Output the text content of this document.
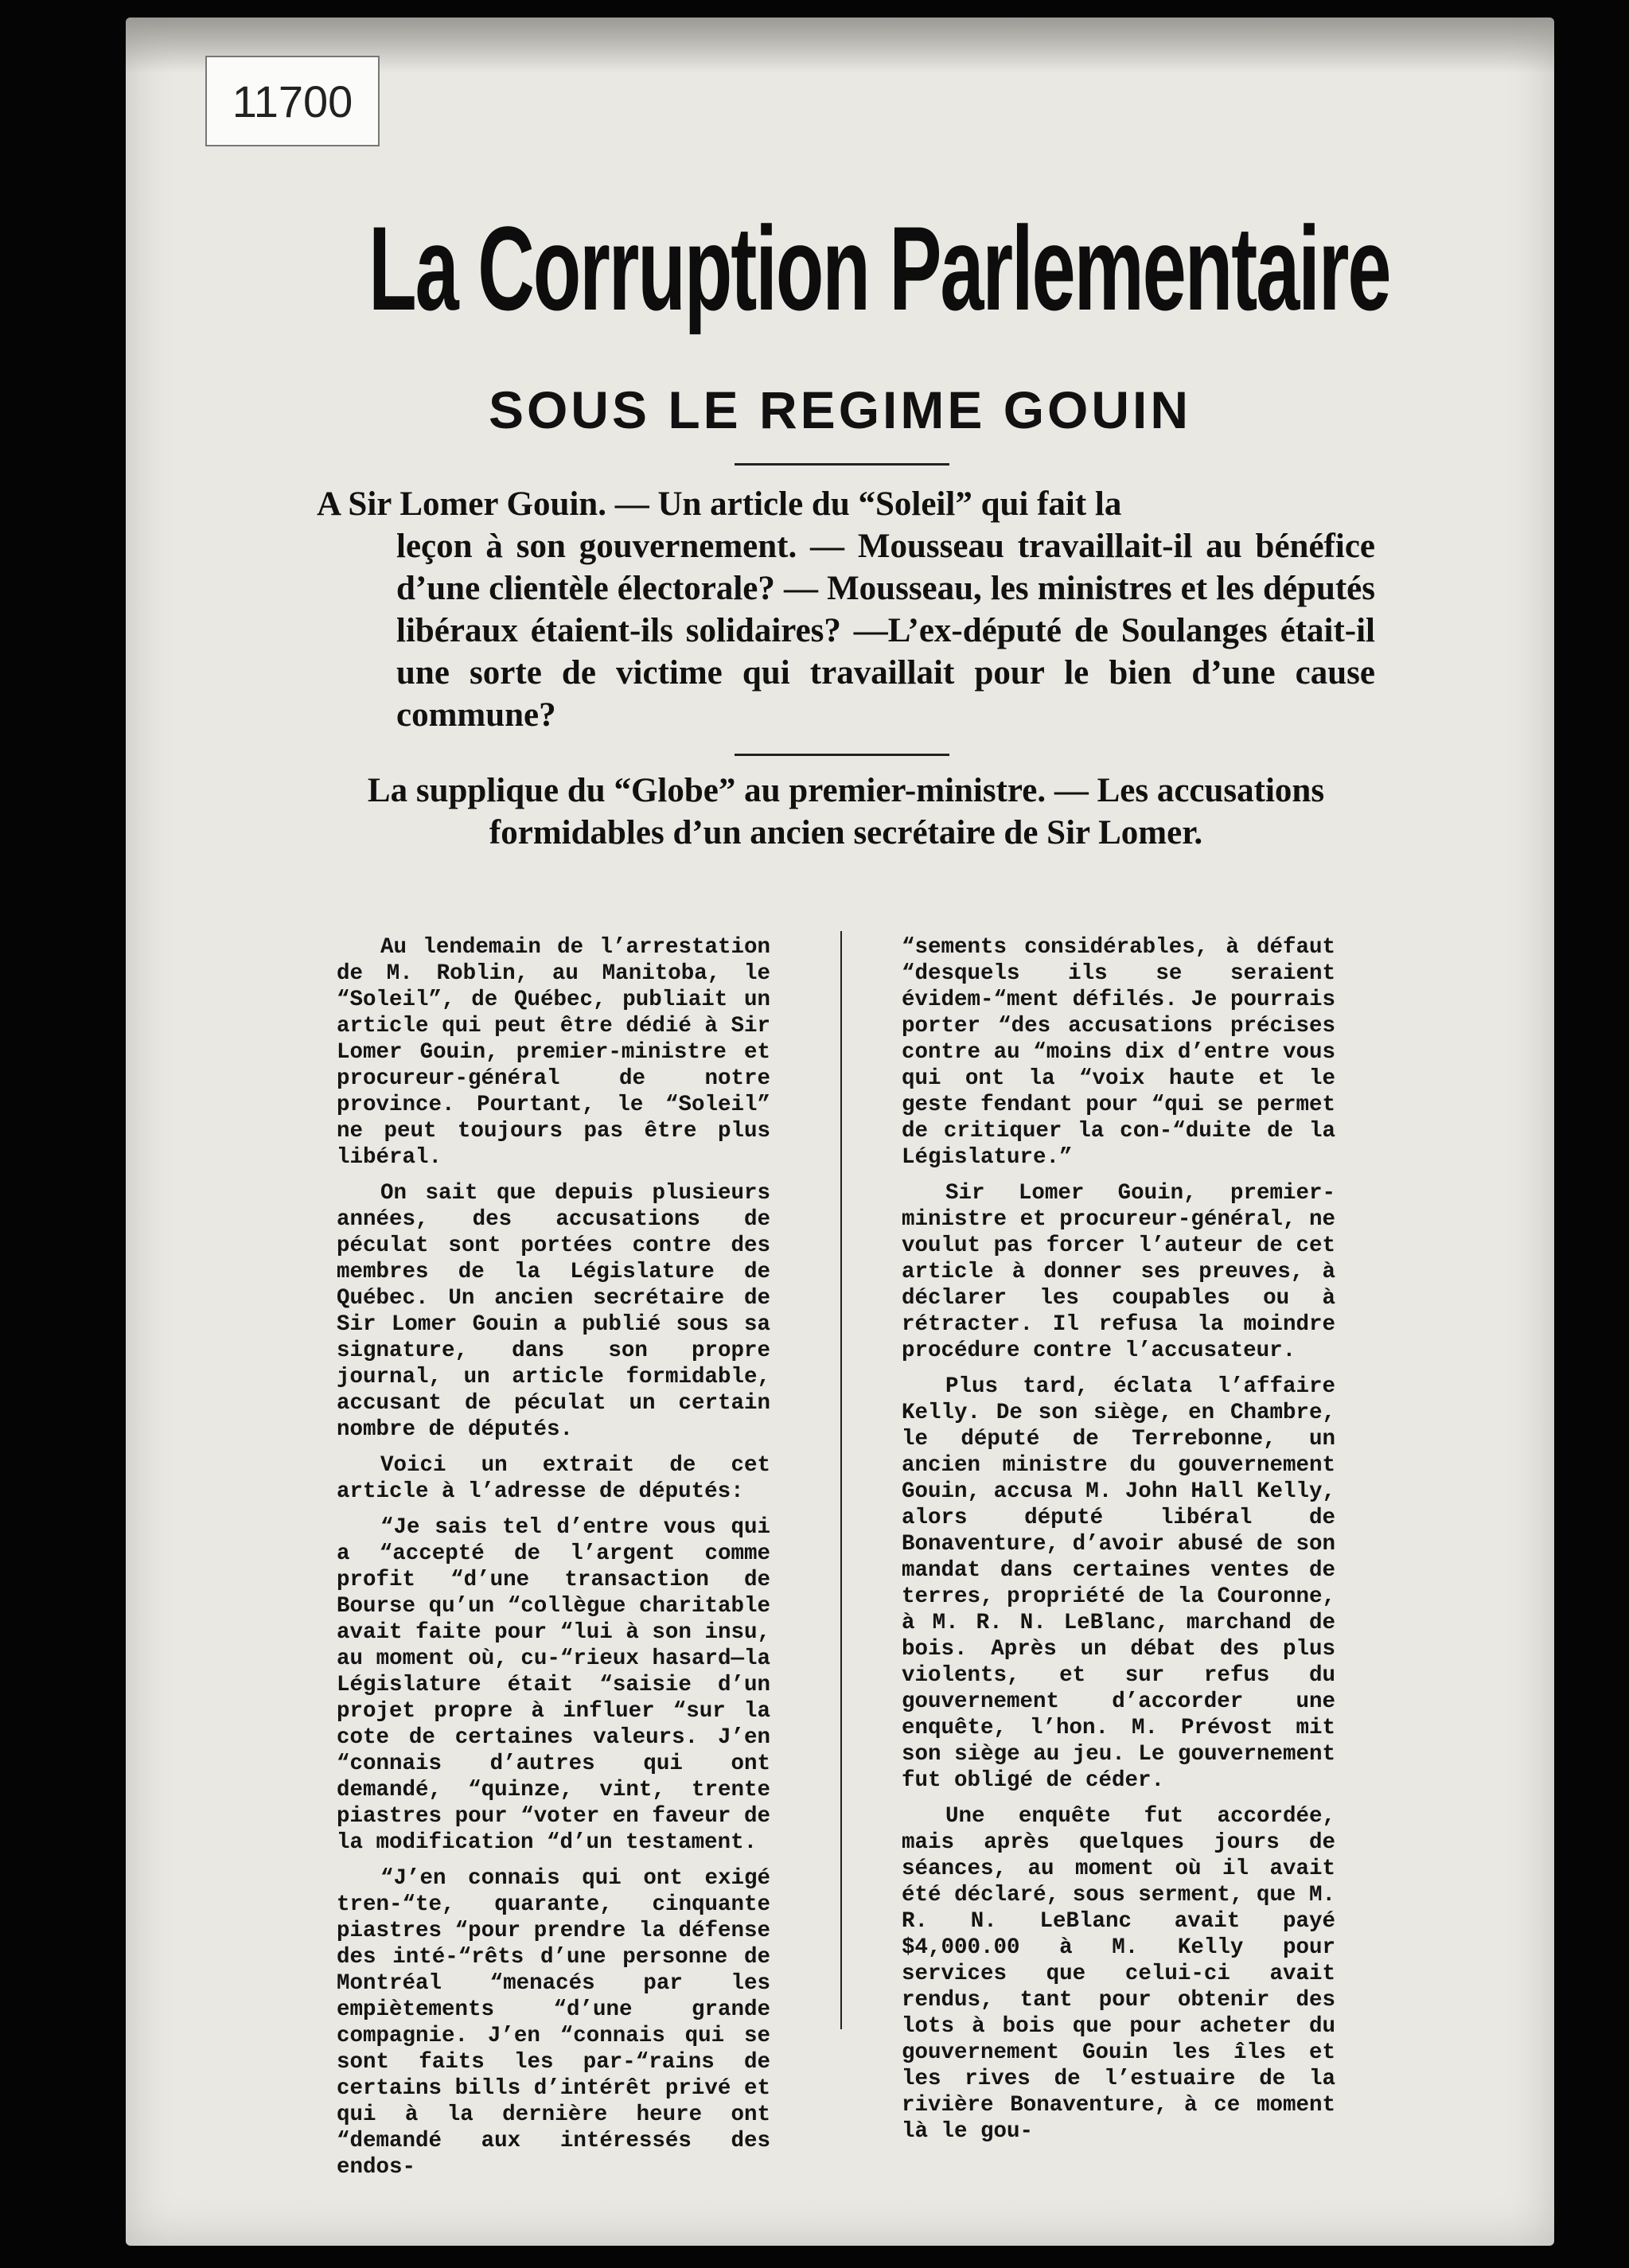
11700
La Corruption Parlementaire
SOUS LE REGIME GOUIN

A Sir Lomer Gouin. — Un article du “Soleil” qui fait la
leçon à son gouvernement. — Mousseau travaillait-il au bénéfice d’une clientèle électorale? — Mousseau, les ministres et les députés libéraux étaient-ils solidaires? —L’ex-député de Soulanges était-il une sorte de victime qui travaillait pour le bien d’une cause commune?

La supplique du “Globe” au premier-ministre. — Les accusations formidables d’un ancien secrétaire de Sir Lomer.

Au lendemain de l’arrestation de M. Roblin, au Manitoba, le “Soleil”, de Québec, publiait un article qui peut être dédié à Sir Lomer Gouin, premier-ministre et procureur-général de notre province. Pourtant, le “Soleil” ne peut toujours pas être plus libéral.

On sait que depuis plusieurs années, des accusations de péculat sont portées contre des membres de la Législature de Québec. Un ancien secrétaire de Sir Lomer Gouin a publié sous sa signature, dans son propre journal, un article formidable, accusant de péculat un certain nombre de députés.

Voici un extrait de cet article à l’adresse de députés:

“Je sais tel d’entre vous qui a “accepté de l’argent comme profit “d’une transaction de Bourse qu’un “collègue charitable avait faite pour “lui à son insu, au moment où, cu-“rieux hasard—la Législature était “saisie d’un projet propre à influer “sur la cote de certaines valeurs. J’en “connais d’autres qui ont demandé, “quinze, vint, trente piastres pour “voter en faveur de la modification “d’un testament.

“J’en connais qui ont exigé tren-“te, quarante, cinquante piastres “pour prendre la défense des inté-“rêts d’une personne de Montréal “menacés par les empiètements “d’une grande compagnie. J’en “connais qui se sont faits les par-“rains de certains bills d’intérêt privé et qui à la dernière heure ont “demandé aux intéressés des endos-

“sements considérables, à défaut “desquels ils se seraient évidem-“ment défilés. Je pourrais porter “des accusations précises contre au “moins dix d’entre vous qui ont la “voix haute et le geste fendant pour “qui se permet de critiquer la con-“duite de la Législature.”

Sir Lomer Gouin, premier-ministre et procureur-général, ne voulut pas forcer l’auteur de cet article à donner ses preuves, à déclarer les coupables ou à rétracter. Il refusa la moindre procédure contre l’accusateur.

Plus tard, éclata l’affaire Kelly. De son siège, en Chambre, le député de Terrebonne, un ancien ministre du gouvernement Gouin, accusa M. John Hall Kelly, alors député libéral de Bonaventure, d’avoir abusé de son mandat dans certaines ventes de terres, propriété de la Couronne, à M. R. N. LeBlanc, marchand de bois. Après un débat des plus violents, et sur refus du gouvernement d’accorder une enquête, l’hon. M. Prévost mit son siège au jeu. Le gouvernement fut obligé de céder.

Une enquête fut accordée, mais après quelques jours de séances, au moment où il avait été déclaré, sous serment, que M. R. N. LeBlanc avait payé $4,000.00 à M. Kelly pour services que celui-ci avait rendus, tant pour obtenir des lots à bois que pour acheter du gouvernement Gouin les îles et les rives de l’estuaire de la rivière Bonaventure, à ce moment là le gou-
